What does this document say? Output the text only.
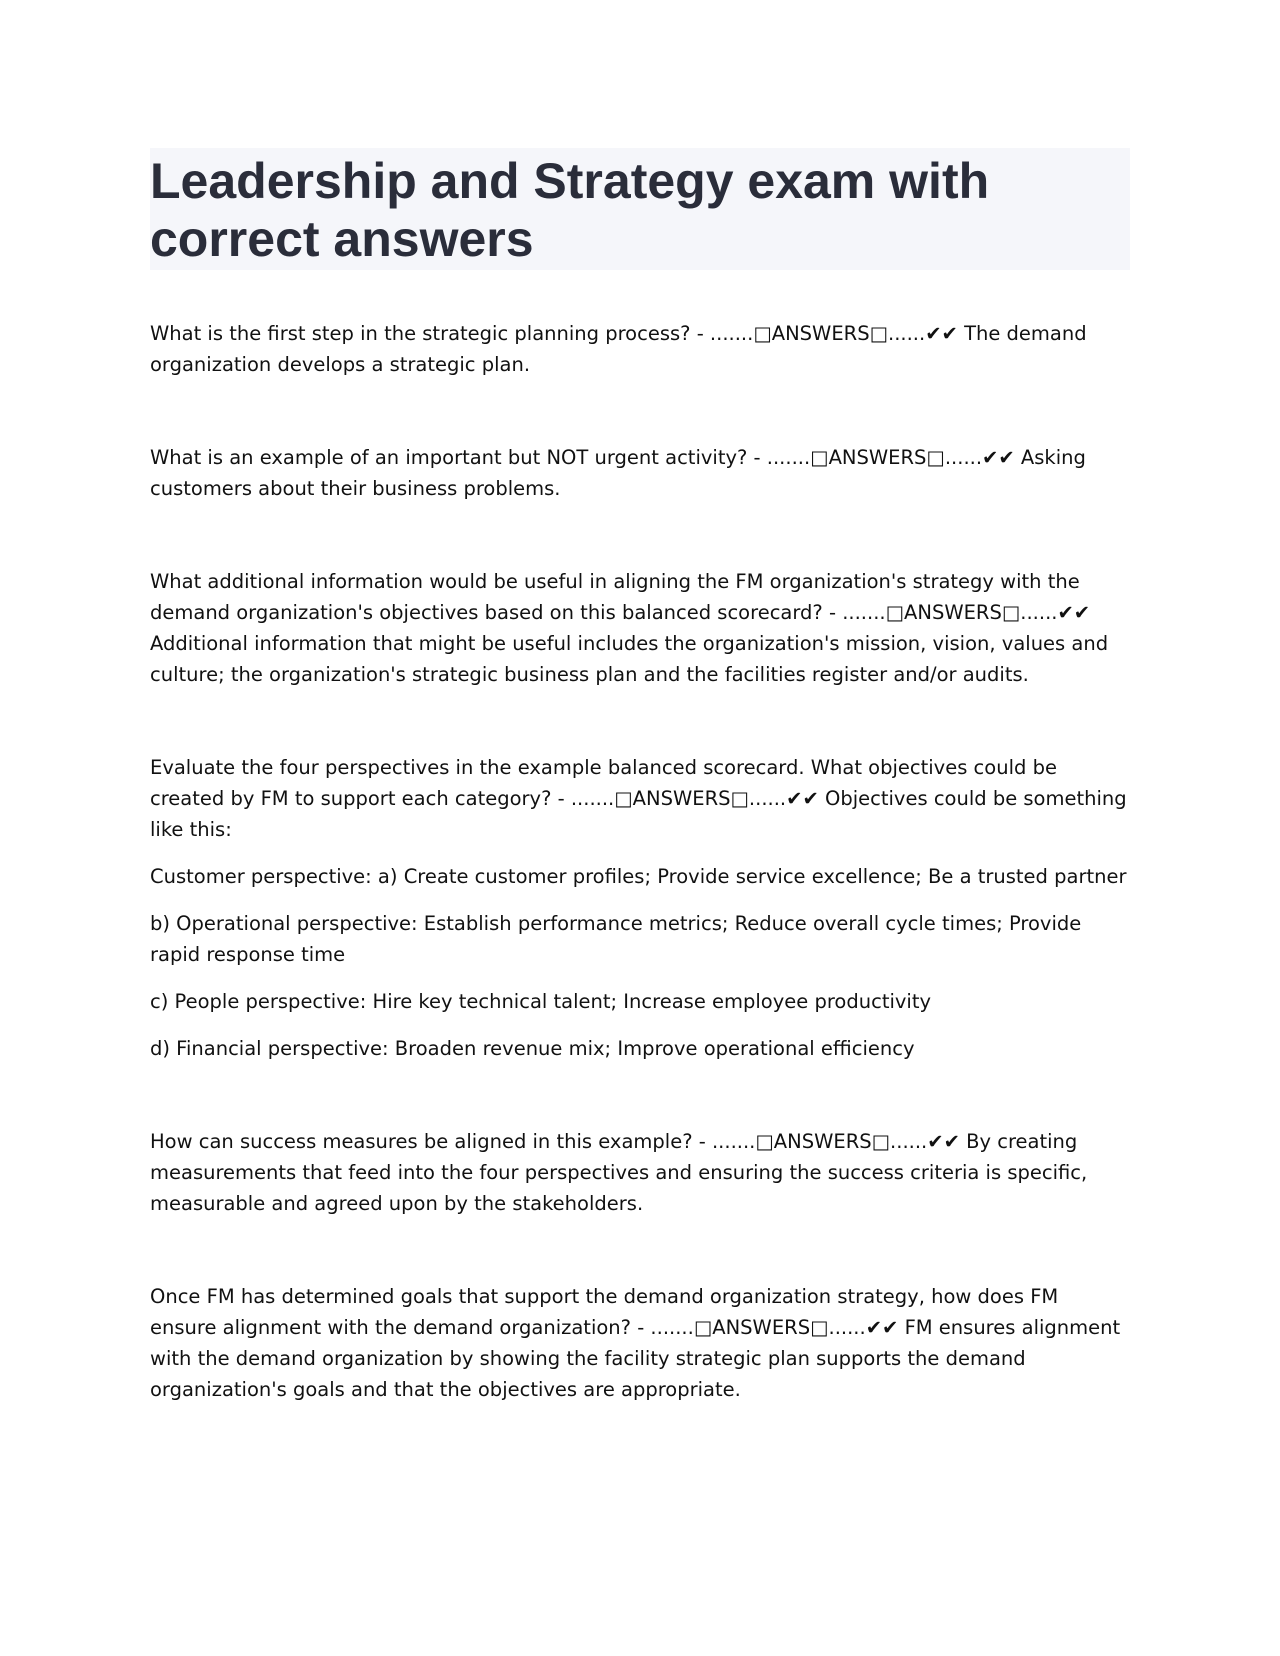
Leadership and Strategy exam with correct answers

What is the first step in the strategic planning process? - .......□ANSWERS□......✔✔ The demand organization develops a strategic plan.

What is an example of an important but NOT urgent activity? - .......□ANSWERS□......✔✔ Asking customers about their business problems.

What additional information would be useful in aligning the FM organization's strategy with the demand organization's objectives based on this balanced scorecard? - .......□ANSWERS□......✔✔ Additional information that might be useful includes the organization's mission, vision, values and culture; the organization's strategic business plan and the facilities register and/or audits.

Evaluate the four perspectives in the example balanced scorecard. What objectives could be created by FM to support each category? - .......□ANSWERS□......✔✔ Objectives could be something like this:

Customer perspective: a) Create customer profiles; Provide service excellence; Be a trusted partner

b) Operational perspective: Establish performance metrics; Reduce overall cycle times; Provide rapid response time

c) People perspective: Hire key technical talent; Increase employee productivity

d) Financial perspective: Broaden revenue mix; Improve operational efficiency

How can success measures be aligned in this example? - .......□ANSWERS□......✔✔ By creating measurements that feed into the four perspectives and ensuring the success criteria is specific, measurable and agreed upon by the stakeholders.

Once FM has determined goals that support the demand organization strategy, how does FM ensure alignment with the demand organization? - .......□ANSWERS□......✔✔ FM ensures alignment with the demand organization by showing the facility strategic plan supports the demand organization's goals and that the objectives are appropriate.
